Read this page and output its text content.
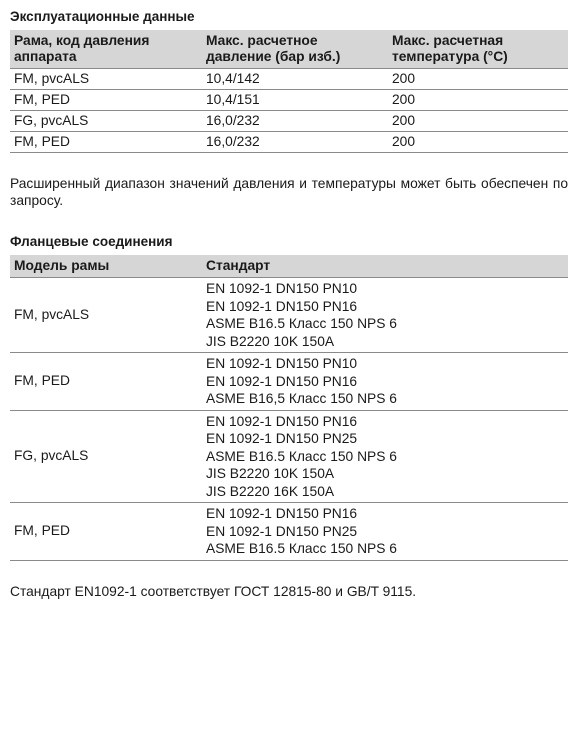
Эксплуатационные данные
Рама, код давления аппарата	Макс. расчетное давление (бар изб.)	Макс. расчетная температура (°C)
FM, pvcALS	10,4/142	200
FM, PED	10,4/151	200
FG, pvcALS	16,0/232	200
FM, PED	16,0/232	200
Расширенный диапазон значений давления и температуры может быть обеспечен по запросу.
Фланцевые соединения
Модель рамы	Стандарт
FM, pvcALS	EN 1092-1 DN150 PN10
EN 1092-1 DN150 PN16
ASME B16.5 Класс 150 NPS 6
JIS B2220 10K 150A

FM, PED	EN 1092-1 DN150 PN10
EN 1092-1 DN150 PN16
ASME B16,5 Класс 150 NPS 6

FG, pvcALS	EN 1092-1 DN150 PN16
EN 1092-1 DN150 PN25
ASME B16.5 Класс 150 NPS 6
JIS B2220 10K 150A
JIS B2220 16K 150A

FM, PED	EN 1092-1 DN150 PN16
EN 1092-1 DN150 PN25
ASME B16.5 Класс 150 NPS 6
Стандарт EN1092-1 соответствует ГОСТ 12815-80 и GB/T 9115.
